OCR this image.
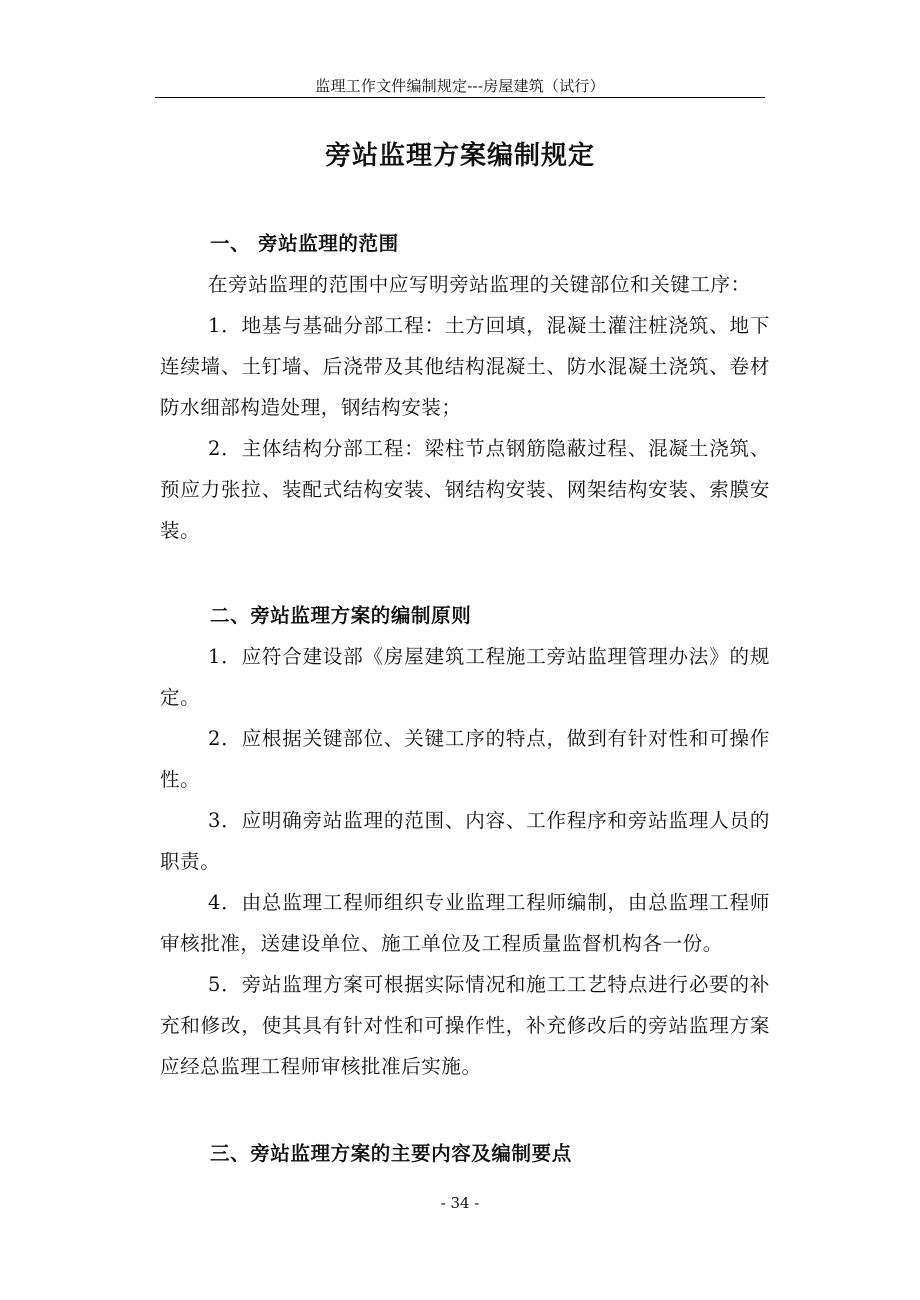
监理工作文件编制规定---房屋建筑（试行）
旁站监理方案编制规定
一、 旁站监理的范围

在旁站监理的范围中应写明旁站监理的关键部位和关键工序：

1．地基与基础分部工程：土方回填，混凝土灌注桩浇筑、地下连续墙、土钉墙、后浇带及其他结构混凝土、防水混凝土浇筑、卷材防水细部构造处理，钢结构安装；

2．主体结构分部工程：梁柱节点钢筋隐蔽过程、混凝土浇筑、预应力张拉、装配式结构安装、钢结构安装、网架结构安装、索膜安装。

二、旁站监理方案的编制原则

1．应符合建设部《房屋建筑工程施工旁站监理管理办法》的规定。

2．应根据关键部位、关键工序的特点，做到有针对性和可操作性。

3．应明确旁站监理的范围、内容、工作程序和旁站监理人员的职责。

4．由总监理工程师组织专业监理工程师编制，由总监理工程师审核批准，送建设单位、施工单位及工程质量监督机构各一份。

5．旁站监理方案可根据实际情况和施工工艺特点进行必要的补充和修改，使其具有针对性和可操作性，补充修改后的旁站监理方案应经总监理工程师审核批准后实施。

三、旁站监理方案的主要内容及编制要点
- 34 -
